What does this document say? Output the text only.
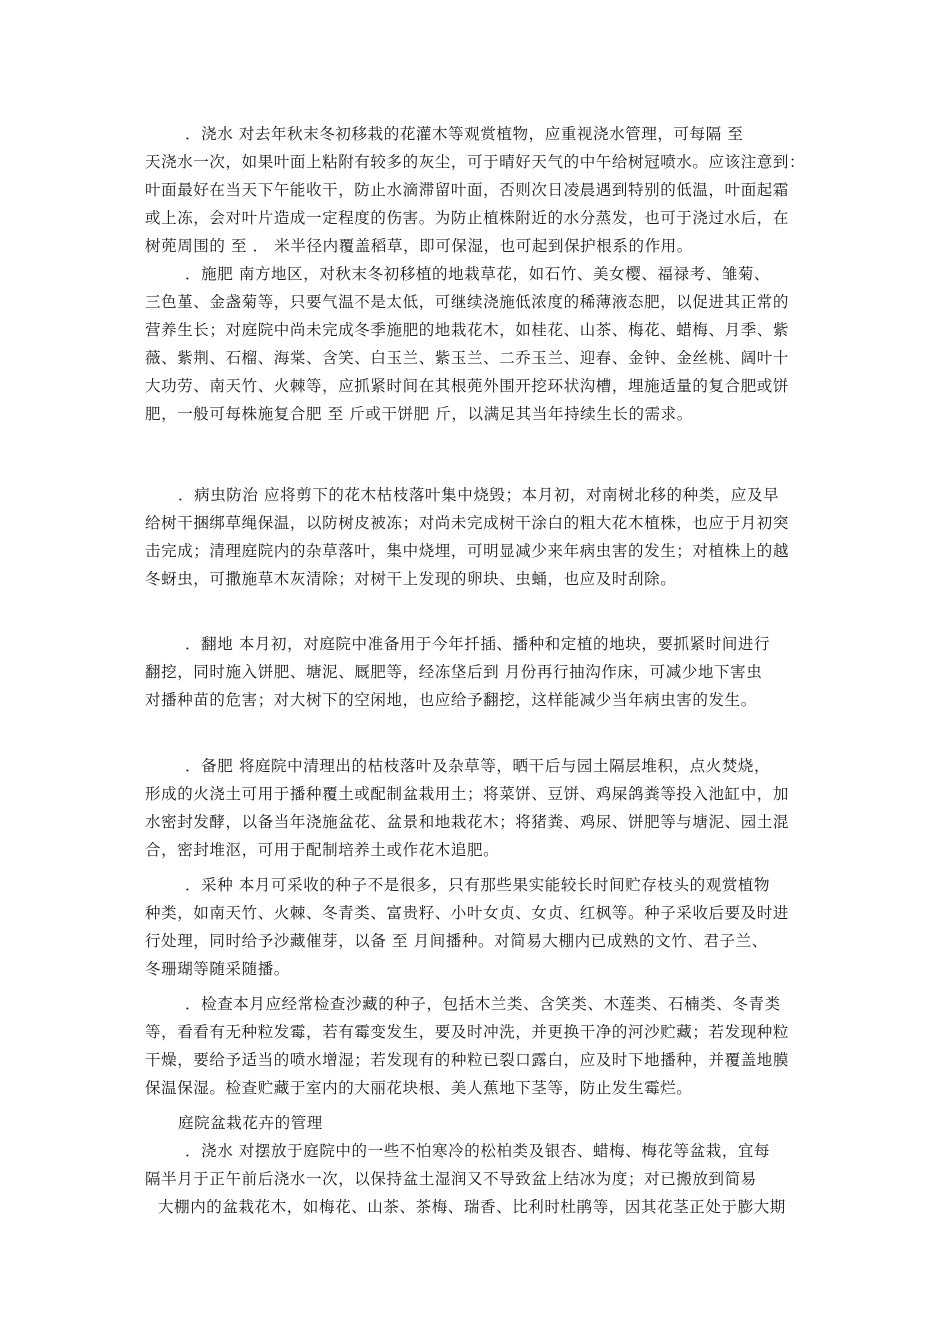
．浇水 对去年秋末冬初移栽的花灌木等观赏植物，应重视浇水管理，可每隔 至
天浇水一次，如果叶面上粘附有较多的灰尘，可于晴好天气的中午给树冠喷水。应该注意到：
叶面最好在当天下午能收干，防止水滴滞留叶面，否则次日凌晨遇到特别的低温，叶面起霜
或上冻，会对叶片造成一定程度的伤害。为防止植株附近的水分蒸发，也可于浇过水后，在
树蔸周围的 至 ． 米半径内覆盖稻草，即可保湿，也可起到保护根系的作用。
．施肥 南方地区，对秋末冬初移植的地栽草花，如石竹、美女樱、福禄考、雏菊、
三色堇、金盏菊等，只要气温不是太低，可继续浇施低浓度的稀薄液态肥，以促进其正常的
营养生长；对庭院中尚未完成冬季施肥的地栽花木，如桂花、山茶、梅花、蜡梅、月季、紫
薇、紫荆、石榴、海棠、含笑、白玉兰、紫玉兰、二乔玉兰、迎春、金钟、金丝桃、阔叶十
大功劳、南天竹、火棘等，应抓紧时间在其根蔸外围开挖环状沟槽，埋施适量的复合肥或饼
肥，一般可每株施复合肥 至 斤或干饼肥 斤，以满足其当年持续生长的需求。
．病虫防治 应将剪下的花木枯枝落叶集中烧毁；本月初，对南树北移的种类，应及早
给树干捆绑草绳保温，以防树皮被冻；对尚未完成树干涂白的粗大花木植株，也应于月初突
击完成；清理庭院内的杂草落叶，集中烧埋，可明显减少来年病虫害的发生；对植株上的越
冬蚜虫，可撒施草木灰清除；对树干上发现的卵块、虫蛹，也应及时刮除。
．翻地 本月初，对庭院中准备用于今年扦插、播种和定植的地块，要抓紧时间进行
翻挖，同时施入饼肥、塘泥、厩肥等，经冻垡后到 月份再行抽沟作床，可减少地下害虫
对播种苗的危害；对大树下的空闲地，也应给予翻挖，这样能减少当年病虫害的发生。
．备肥 将庭院中清理出的枯枝落叶及杂草等，晒干后与园土隔层堆积，点火焚烧，
形成的火浇土可用于播种覆土或配制盆栽用土；将菜饼、豆饼、鸡屎鸽粪等投入池缸中，加
水密封发酵，以备当年浇施盆花、盆景和地栽花木；将猪粪、鸡尿、饼肥等与塘泥、园土混
合，密封堆沤，可用于配制培养土或作花木追肥。
．采种 本月可采收的种子不是很多，只有那些果实能较长时间贮存枝头的观赏植物
种类，如南天竹、火棘、冬青类、富贵籽、小叶女贞、女贞、红枫等。种子采收后要及时进
行处理，同时给予沙藏催芽，以备 至 月间播种。对简易大棚内已成熟的文竹、君子兰、
冬珊瑚等随采随播。
．检查本月应经常检查沙藏的种子，包括木兰类、含笑类、木莲类、石楠类、冬青类
等，看看有无种粒发霉，若有霉变发生，要及时冲洗，并更换干净的河沙贮藏；若发现种粒
干燥，要给予适当的喷水增湿；若发现有的种粒已裂口露白，应及时下地播种，并覆盖地膜
保温保湿。检查贮藏于室内的大丽花块根、美人蕉地下茎等，防止发生霉烂。
庭院盆栽花卉的管理
．浇水 对摆放于庭院中的一些不怕寒冷的松柏类及银杏、蜡梅、梅花等盆栽，宜每
隔半月于正午前后浇水一次，以保持盆土湿润又不导致盆上结冰为度；对已搬放到简易
大棚内的盆栽花木，如梅花、山茶、茶梅、瑞香、比利时杜鹃等，因其花茎正处于膨大期
